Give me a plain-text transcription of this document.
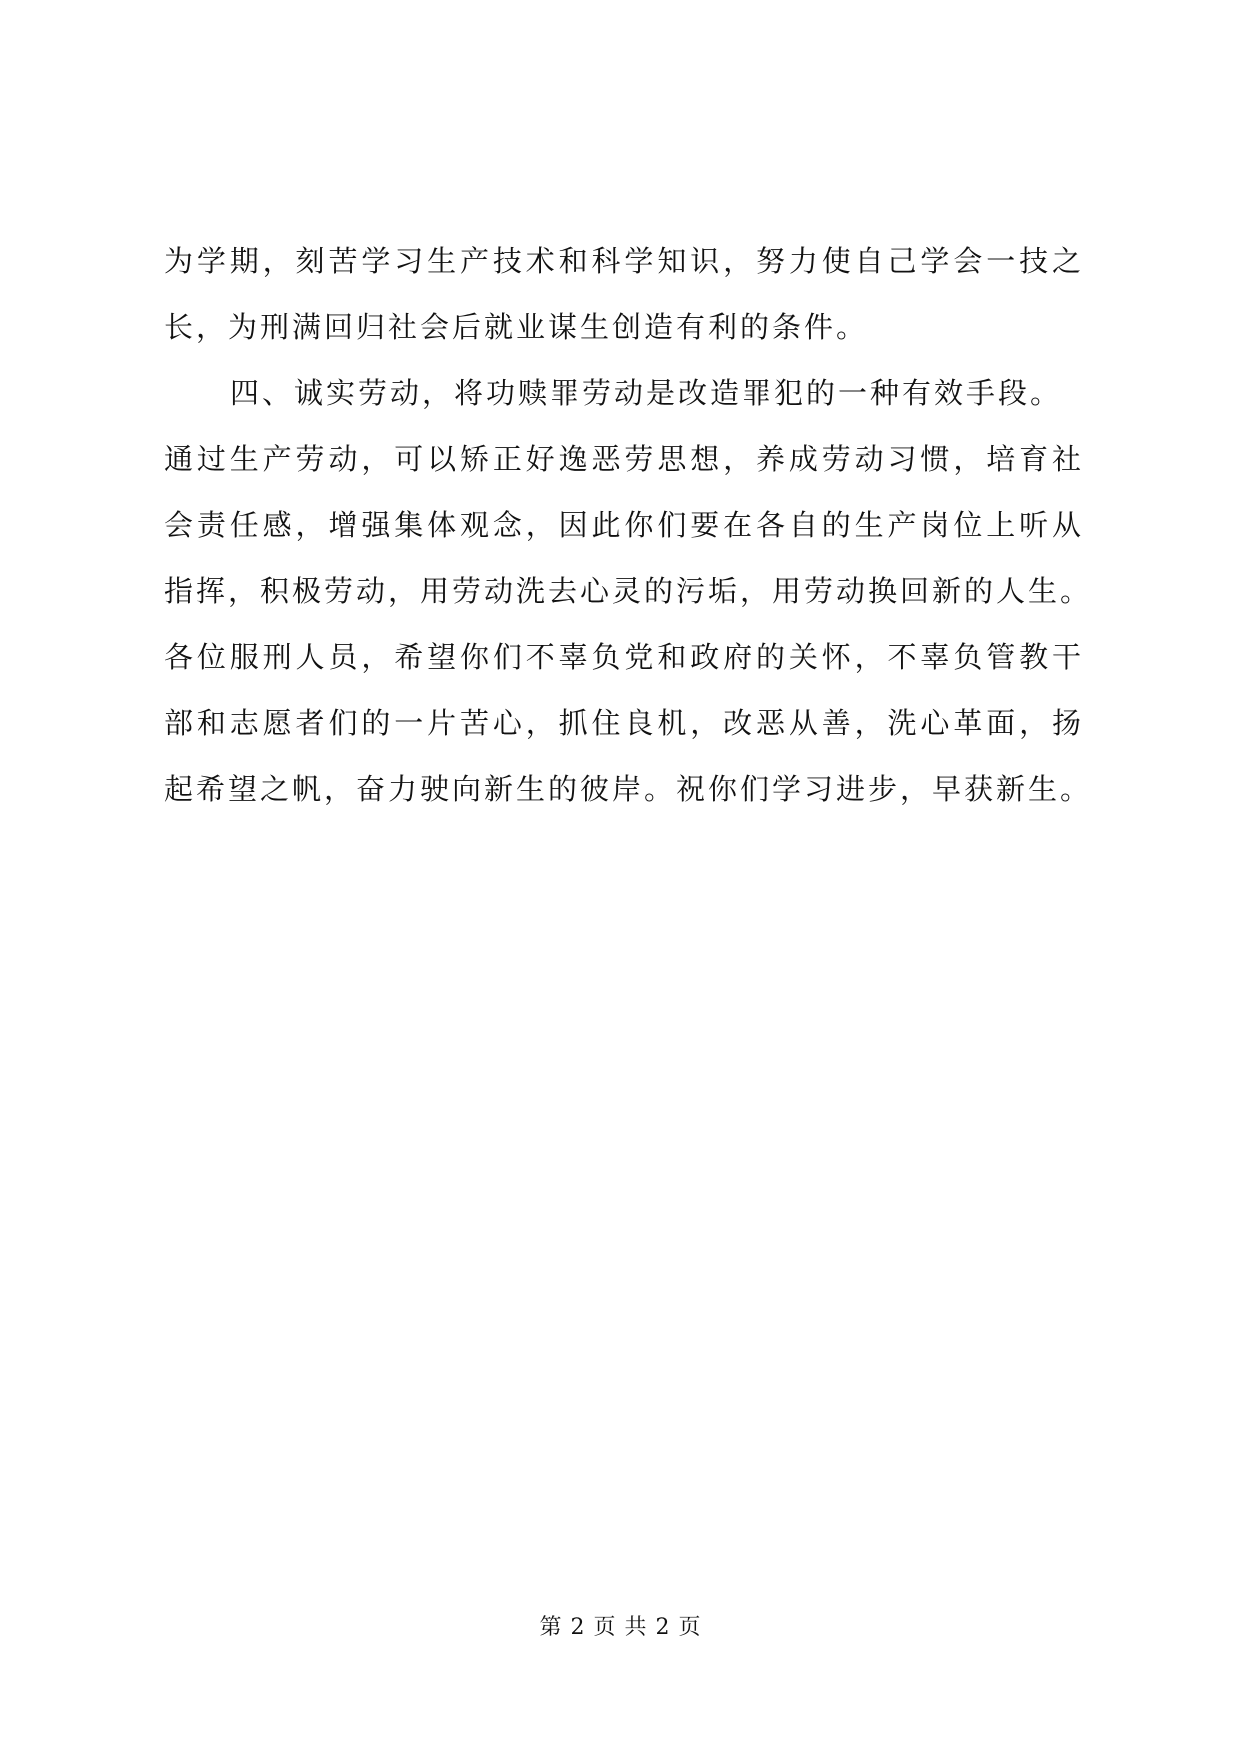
为学期，刻苦学习生产技术和科学知识，努力使自己学会一技之
长，为刑满回归社会后就业谋生创造有利的条件。
四、诚实劳动，将功赎罪劳动是改造罪犯的一种有效手段。
通过生产劳动，可以矫正好逸恶劳思想，养成劳动习惯，培育社
会责任感，增强集体观念，因此你们要在各自的生产岗位上听从
指挥，积极劳动，用劳动洗去心灵的污垢，用劳动换回新的人生。
各位服刑人员，希望你们不辜负党和政府的关怀，不辜负管教干
部和志愿者们的一片苦心，抓住良机，改恶从善，洗心革面，扬
起希望之帆，奋力驶向新生的彼岸。祝你们学习进步，早获新生。
第 2 页 共 2 页
